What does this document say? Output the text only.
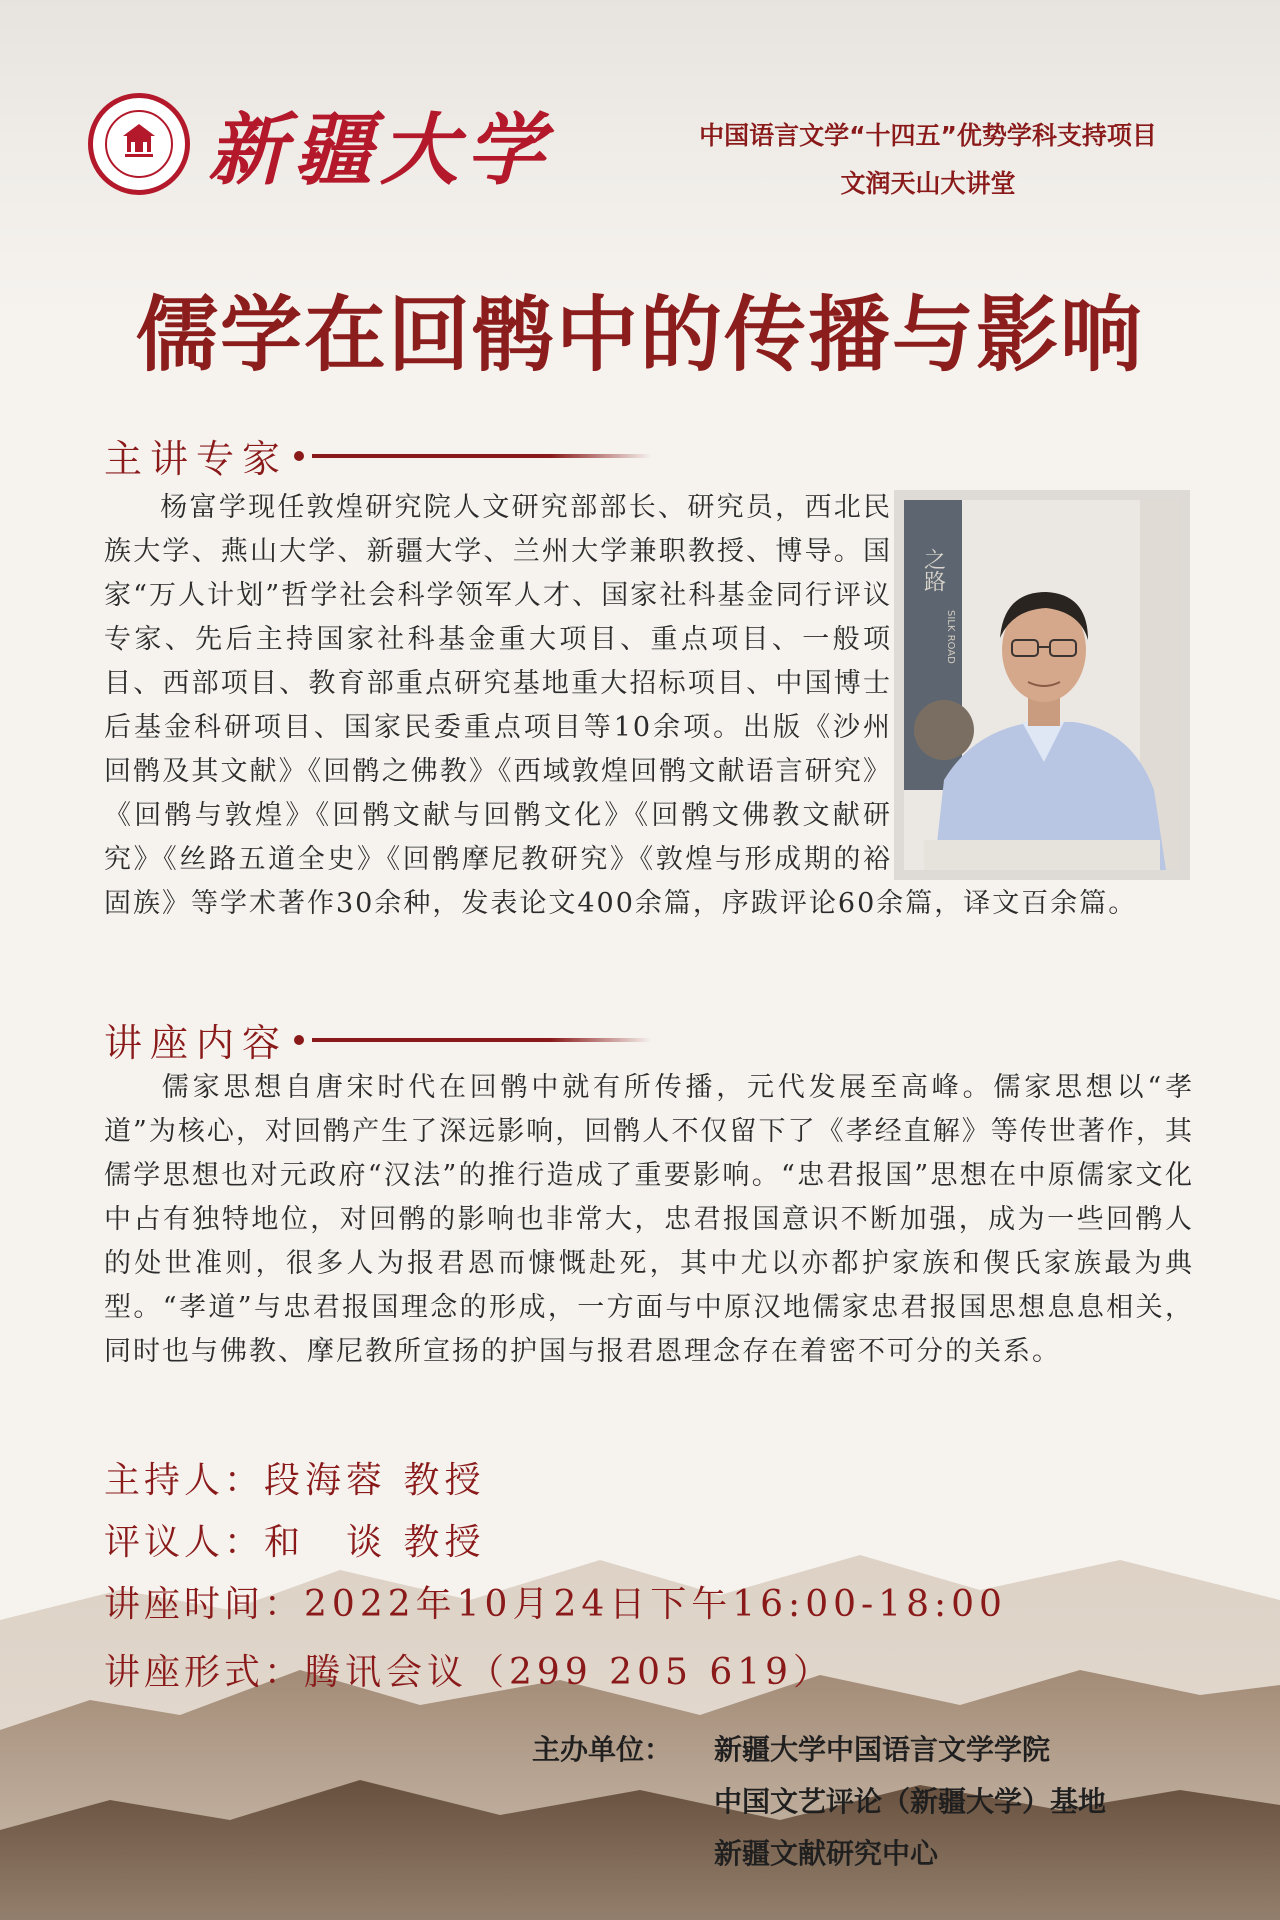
新疆大学	中国语言文学“十四五”优势学科支持项目
文润天山大讲堂
儒学在回鹘中的传播与影响
主讲专家
杨富学现任敦煌研究院人文研究部部长、研究员，西北民族大学、燕山大学、新疆大学、兰州大学兼职教授、博导。国家“万人计划”哲学社会科学领军人才、国家社科基金同行评议专家、先后主持国家社科基金重大项目、重点项目、一般项目、西部项目、教育部重点研究基地重大招标项目、中国博士后基金科研项目、国家民委重点项目等10余项。出版《沙州回鹘及其文献》《回鹘之佛教》《西域敦煌回鹘文献语言研究》《回鹘与敦煌》《回鹘文献与回鹘文化》《回鹘文佛教文献研究》《丝路五道全史》《回鹘摩尼教研究》《敦煌与形成期的裕固族》等学术著作30余种，发表论文400余篇，序跋评论60余篇，译文百余篇。
之路
SILK ROAD
讲座内容
儒家思想自唐宋时代在回鹘中就有所传播，元代发展至高峰。儒家思想以“孝道”为核心，对回鹘产生了深远影响，回鹘人不仅留下了《孝经直解》等传世著作，其儒学思想也对元政府“汉法”的推行造成了重要影响。“忠君报国”思想在中原儒家文化中占有独特地位，对回鹘的影响也非常大，忠君报国意识不断加强，成为一些回鹘人的处世准则，很多人为报君恩而慷慨赴死，其中尤以亦都护家族和偰氏家族最为典型。“孝道”与忠君报国理念的形成，一方面与中原汉地儒家忠君报国思想息息相关，同时也与佛教、摩尼教所宣扬的护国与报君恩理念存在着密不可分的关系。
主持人：段海蓉 教授
评议人：和　谈 教授
讲座时间：2022年10月24日下午16:00-18:00
讲座形式：腾讯会议（299 205 619）
主办单位：	新疆大学中国语言文学学院
中国文艺评论（新疆大学）基地
新疆文献研究中心
